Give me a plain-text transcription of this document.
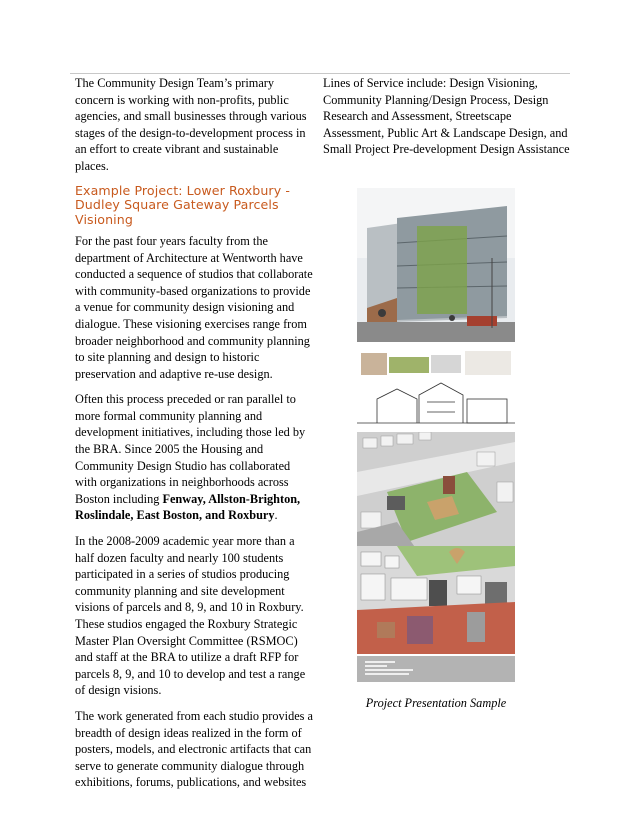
The Community Design Team’s primary concern is working with non-profits, public agencies, and small businesses through various stages of the design-to-development process in an effort to create vibrant and sustainable places.

Example Project: Lower Roxbury - Dudley Square Gateway Parcels Visioning

For the past four years faculty from the department of Architecture at Wentworth have conducted a sequence of studios that collaborate with community-based organizations to provide a venue for community design visioning and dialogue. These visioning exercises range from broader neighborhood and community planning to site planning and design to historic preservation and adaptive re-use design.

Often this process preceded or ran parallel to more formal community planning and development initiatives, including those led by the BRA. Since 2005 the Housing and Community Design Studio has collaborated with organizations in neighborhoods across Boston including Fenway, Allston-Brighton, Roslindale, East Boston, and Roxbury.

In the 2008-2009 academic year more than a half dozen faculty and nearly 100 students participated in a series of studios producing community planning and site development visions of parcels and 8, 9, and 10 in Roxbury. These studios engaged the Roxbury Strategic Master Plan Oversight Committee (RSMOC) and staff at the BRA to utilize a draft RFP for parcels 8, 9, and 10 to develop and test a range of design visions.

The work generated from each studio provides a breadth of design ideas realized in the form of posters, models, and electronic artifacts that can serve to generate community dialogue through exhibitions, forums, publications, and websites

Lines of Service include: Design Visioning, Community Planning/Design Process, Design Research and Assessment, Streetscape Assessment, Public Art & Landscape Design, and Small Project Pre-development Design Assistance

Project Presentation Sample
